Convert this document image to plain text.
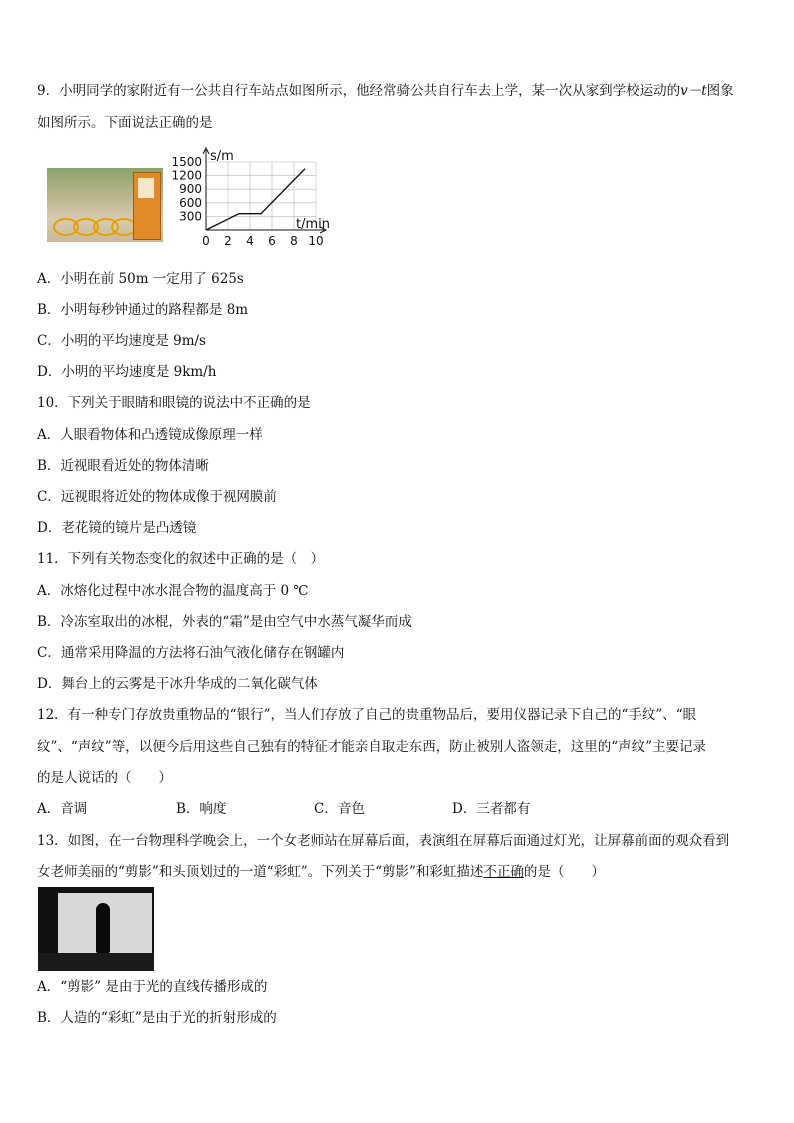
9．小明同学的家附近有一公共自行车站点如图所示，他经常骑公共自行车去上学，某一次从家到学校运动的v－t图象
如图所示。下面说法正确的是
s/m
t/min
300
600
900
1200
1500
0 2 4 6 8 10
A．小明在前 50m 一定用了 625s
B．小明每秒钟通过的路程都是 8m
C．小明的平均速度是 9m/s
D．小明的平均速度是 9km/h
10．下列关于眼睛和眼镜的说法中不正确的是
A．人眼看物体和凸透镜成像原理一样
B．近视眼看近处的物体清晰
C．远视眼将近处的物体成像于视网膜前
D．老花镜的镜片是凸透镜
11．下列有关物态变化的叙述中正确的是（　）
A．冰熔化过程中冰水混合物的温度高于 0 ℃
B．冷冻室取出的冰棍，外表的“霜”是由空气中水蒸气凝华而成
C．通常采用降温的方法将石油气液化储存在钢罐内
D．舞台上的云雾是干冰升华成的二氧化碳气体
12．有一种专门存放贵重物品的“银行”，当人们存放了自己的贵重物品后，要用仪器记录下自己的“手纹”、“眼
纹”、“声纹”等，以便今后用这些自己独有的特征才能亲自取走东西，防止被别人盗领走，这里的“声纹”主要记录
的是人说话的（　　）
A．音调	B．响度	C．音色	D．三者都有
13．如图，在一台物理科学晚会上，一个女老师站在屏幕后面，表演组在屏幕后面通过灯光，让屏幕前面的观众看到
女老师美丽的“剪影”和头顶划过的一道“彩虹”。下列关于“剪影”和彩虹描述不正确的是（　　）
A．“剪影” 是由于光的直线传播形成的
B．人造的“彩虹”是由于光的折射形成的
